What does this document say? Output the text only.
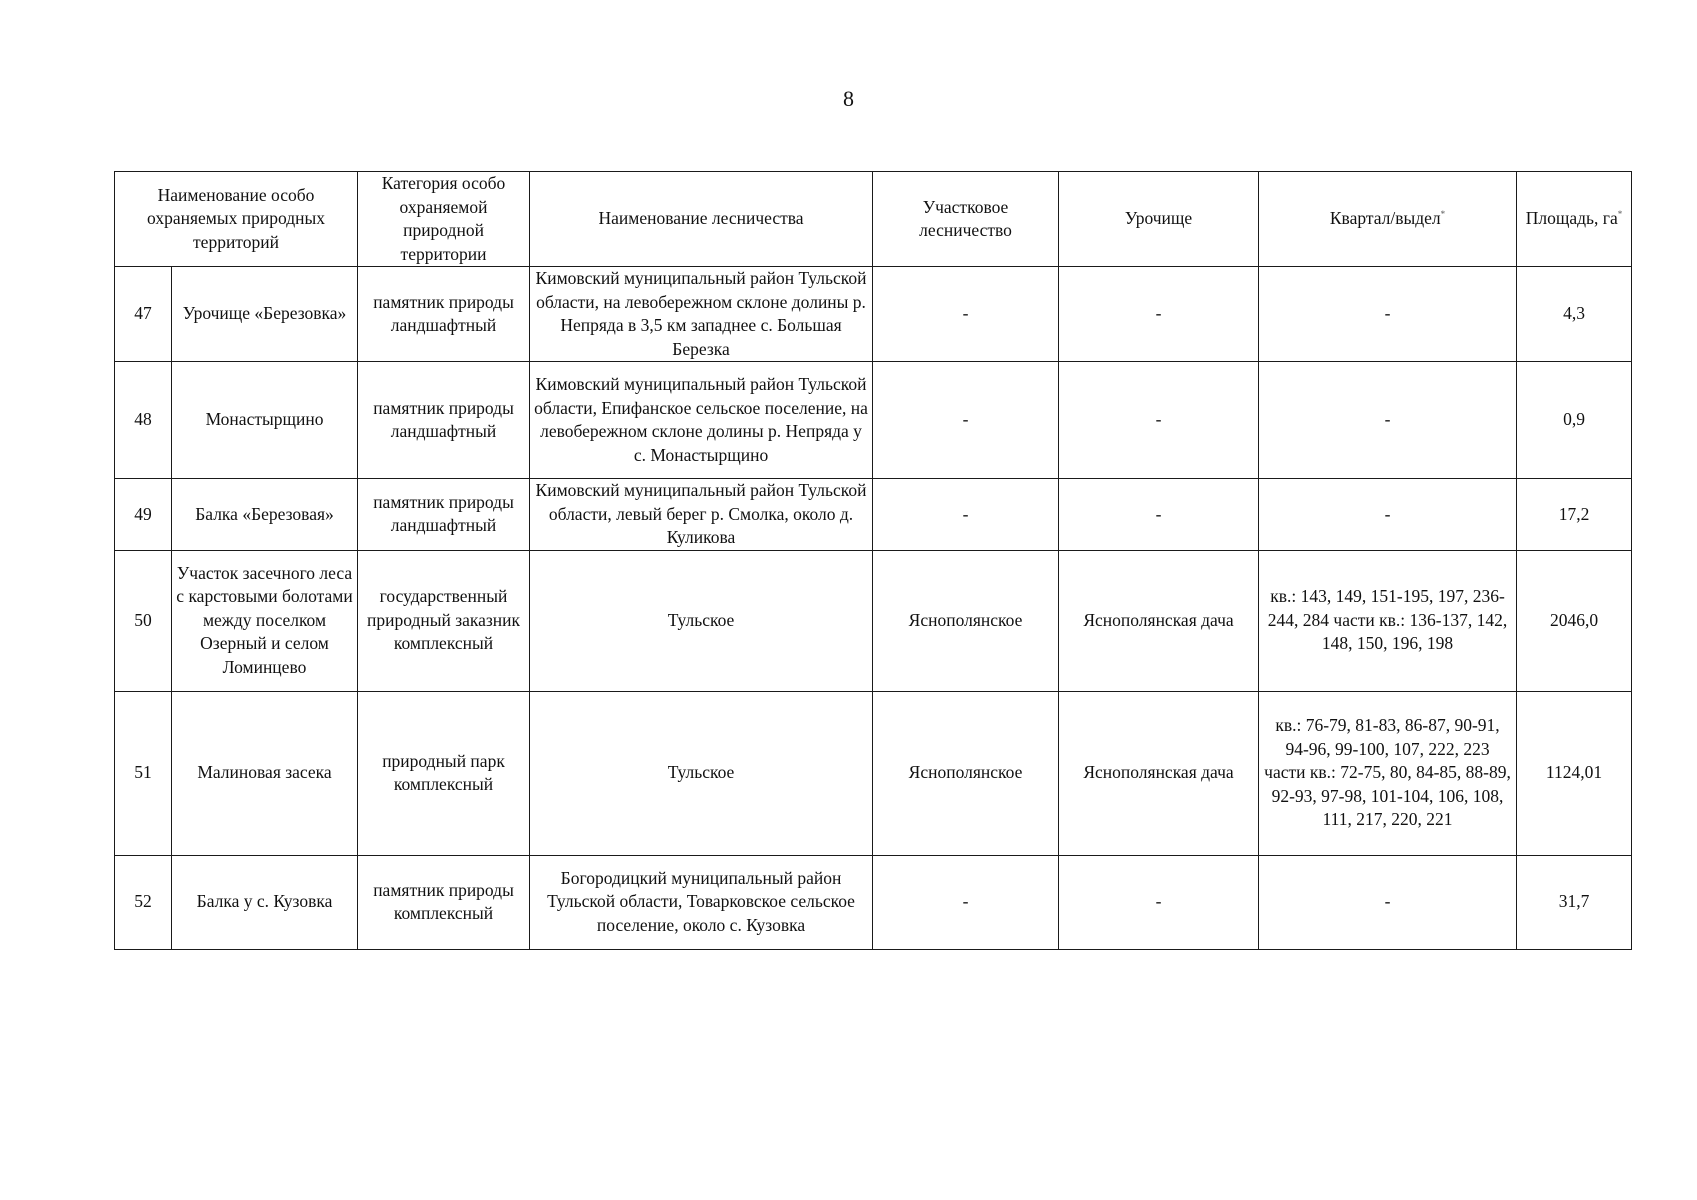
8
Наименование особо охраняемых природных территорий		Категория особо охраняемой природной территории	Наименование лесничества	Участковое лесничество	Урочище	Квартал/выдел*	Площадь, га*
47	Урочище «Березовка»	памятник природы ландшафтный	Кимовский муниципальный район Тульской области, на левобережном склоне долины р. Непряда в 3,5 км западнее с. Большая Березка	-	-	-	4,3
48	Монастырщино	памятник природы ландшафтный	Кимовский муниципальный район Тульской области, Епифанское сельское поселение, на левобережном склоне долины р. Непряда у с. Монастырщино	-	-	-	0,9
49	Балка «Березовая»	памятник природы ландшафтный	Кимовский муниципальный район Тульской области, левый берег р. Смолка, около д. Куликова	-	-	-	17,2
50	Участок засечного леса с карстовыми болотами между поселком Озерный и селом Ломинцево	государственный природный заказник комплексный	Тульское	Яснополянское	Яснополянская дача	кв.: 143, 149, 151-195, 197, 236-244, 284 части кв.: 136-137, 142, 148, 150, 196, 198	2046,0
51	Малиновая засека	природный парк комплексный	Тульское	Яснополянское	Яснополянская дача	кв.: 76-79, 81-83, 86-87, 90-91, 94-96, 99-100, 107, 222, 223 части кв.: 72-75, 80, 84-85, 88-89, 92-93, 97-98, 101-104, 106, 108, 111, 217, 220, 221	1124,01
52	Балка у с. Кузовка	памятник природы комплексный	Богородицкий муниципальный район Тульской области, Товарковское сельское поселение, около с. Кузовка	-	-	-	31,7
